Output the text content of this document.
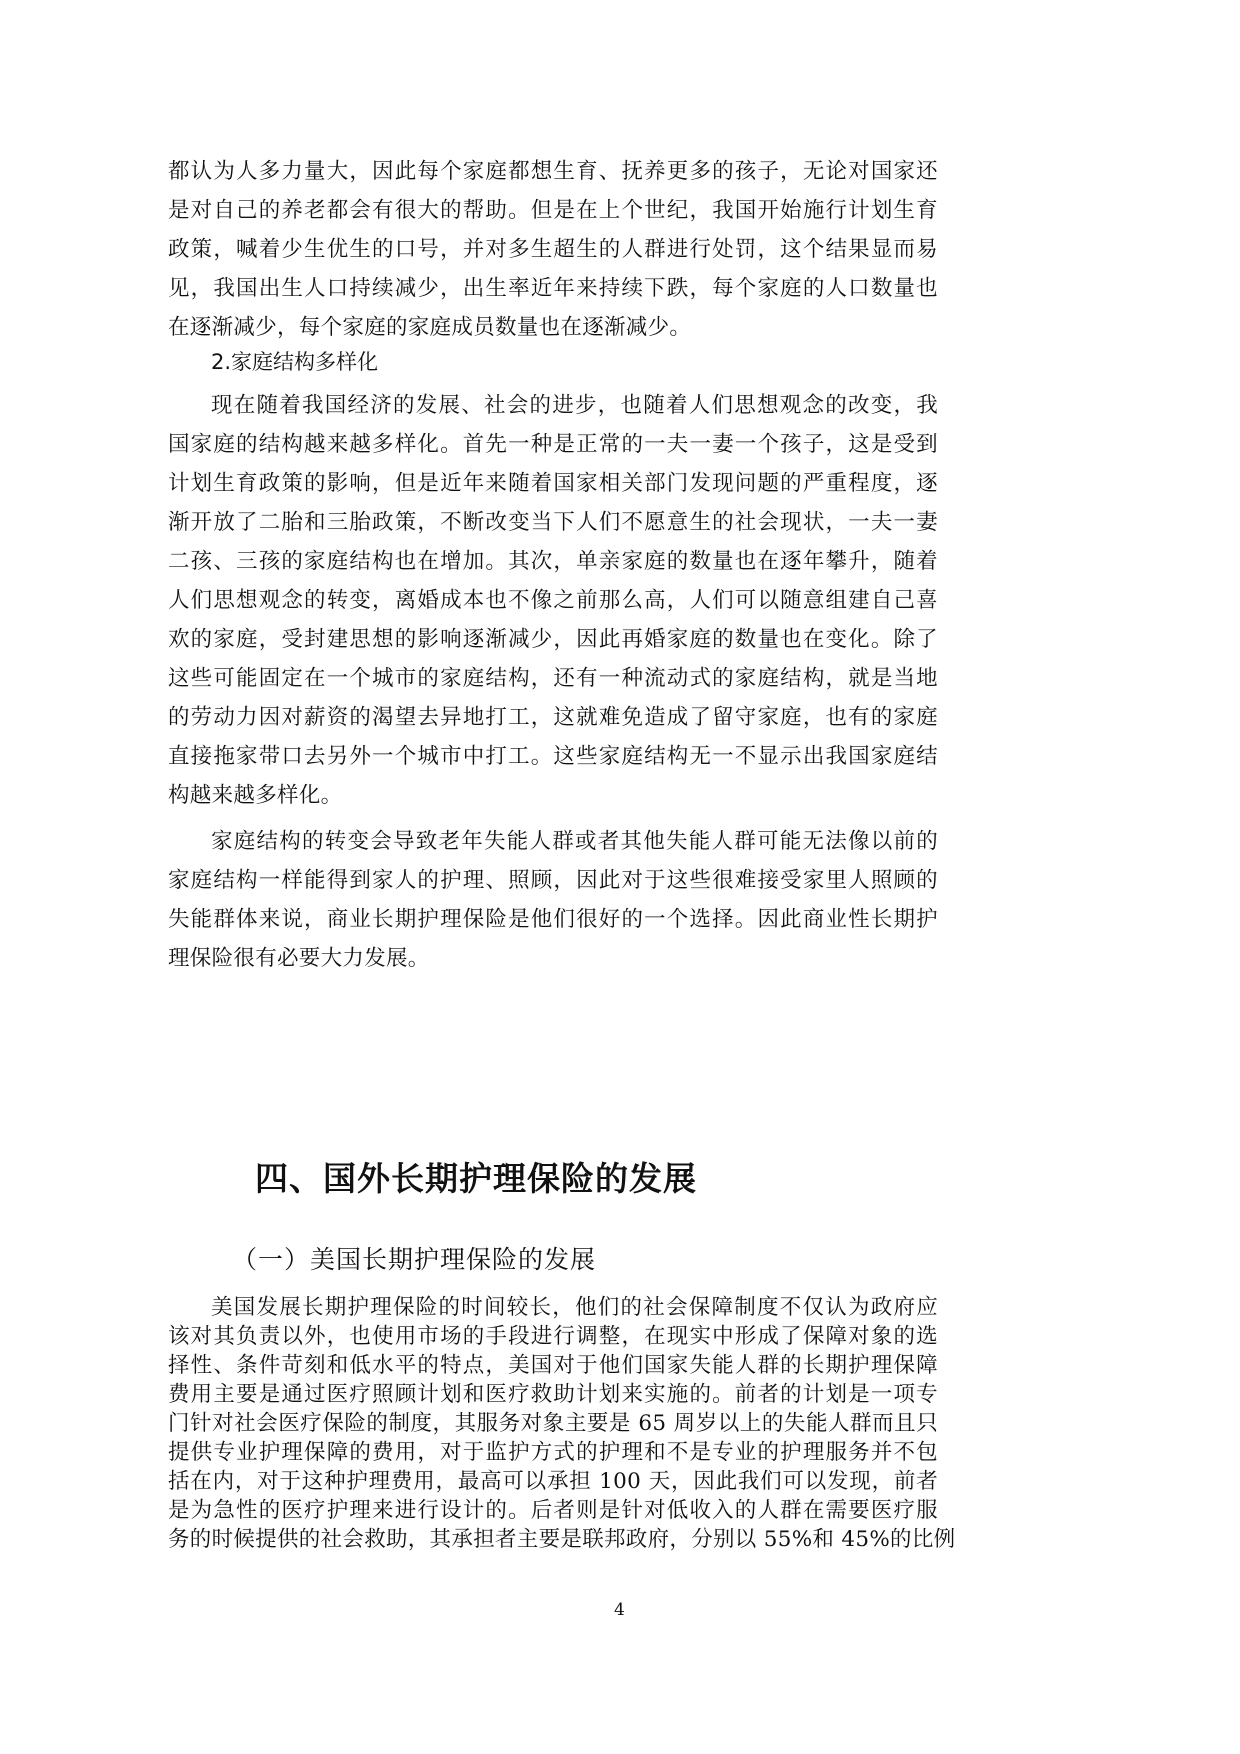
都认为人多力量大，因此每个家庭都想生育、抚养更多的孩子，无论对国家还
是对自己的养老都会有很大的帮助。但是在上个世纪，我国开始施行计划生育
政策，喊着少生优生的口号，并对多生超生的人群进行处罚，这个结果显而易
见，我国出生人口持续减少，出生率近年来持续下跌，每个家庭的人口数量也
在逐渐减少，每个家庭的家庭成员数量也在逐渐减少。
2.家庭结构多样化
现在随着我国经济的发展、社会的进步，也随着人们思想观念的改变，我
国家庭的结构越来越多样化。首先一种是正常的一夫一妻一个孩子，这是受到
计划生育政策的影响，但是近年来随着国家相关部门发现问题的严重程度，逐
渐开放了二胎和三胎政策，不断改变当下人们不愿意生的社会现状，一夫一妻
二孩、三孩的家庭结构也在增加。其次，单亲家庭的数量也在逐年攀升，随着
人们思想观念的转变，离婚成本也不像之前那么高，人们可以随意组建自己喜
欢的家庭，受封建思想的影响逐渐减少，因此再婚家庭的数量也在变化。除了
这些可能固定在一个城市的家庭结构，还有一种流动式的家庭结构，就是当地
的劳动力因对薪资的渴望去异地打工，这就难免造成了留守家庭，也有的家庭
直接拖家带口去另外一个城市中打工。这些家庭结构无一不显示出我国家庭结
构越来越多样化。
家庭结构的转变会导致老年失能人群或者其他失能人群可能无法像以前的
家庭结构一样能得到家人的护理、照顾，因此对于这些很难接受家里人照顾的
失能群体来说，商业长期护理保险是他们很好的一个选择。因此商业性长期护
理保险很有必要大力发展。
四、国外长期护理保险的发展
（一）美国长期护理保险的发展
美国发展长期护理保险的时间较长，他们的社会保障制度不仅认为政府应
该对其负责以外，也使用市场的手段进行调整，在现实中形成了保障对象的选
择性、条件苛刻和低水平的特点，美国对于他们国家失能人群的长期护理保障
费用主要是通过医疗照顾计划和医疗救助计划来实施的。前者的计划是一项专
门针对社会医疗保险的制度，其服务对象主要是 65 周岁以上的失能人群而且只
提供专业护理保障的费用，对于监护方式的护理和不是专业的护理服务并不包
括在内，对于这种护理费用，最高可以承担 100 天，因此我们可以发现，前者
是为急性的医疗护理来进行设计的。后者则是针对低收入的人群在需要医疗服
务的时候提供的社会救助，其承担者主要是联邦政府，分别以 55%和 45%的比例
4
